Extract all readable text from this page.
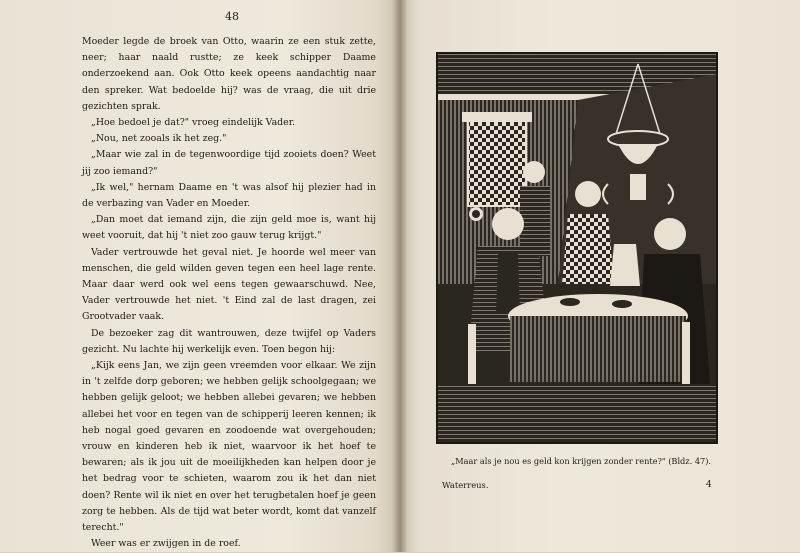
48

Moeder legde de broek van Otto, waarin ze een stuk zette, neer; haar naald rustte; ze keek schipper Daame onderzoekend aan. Ook Otto keek opeens aandachtig naar den spreker. Wat bedoelde hij? was de vraag, die uit drie gezichten sprak.

„Hoe bedoel je dat?" vroeg eindelijk Vader.

„Nou, net zooals ik het zeg."

„Maar wie zal in de tegenwoordige tijd zooiets doen? Weet jij zoo iemand?"

„Ik wel," hernam Daame en 't was alsof hij plezier had in de verbazing van Vader en Moeder.

„Dan moet dat iemand zijn, die zijn geld moe is, want hij weet vooruit, dat hij 't niet zoo gauw terug krijgt."

Vader vertrouwde het geval niet. Je hoorde wel meer van menschen, die geld wilden geven tegen een heel lage rente. Maar daar werd ook wel eens tegen gewaarschuwd. Nee, Vader vertrouwde het niet. 't Eind zal de last dragen, zei Grootvader vaak.

De bezoeker zag dit wantrouwen, deze twijfel op Vaders gezicht. Nu lachte hij werkelijk even. Toen begon hij:

„Kijk eens Jan, we zijn geen vreemden voor elkaar. We zijn in 't zelfde dorp geboren; we hebben gelijk schoolgegaan; we hebben gelijk geloot; we hebben allebei gevaren; we hebben allebei het voor en tegen van de schipperij leeren kennen; ik heb nogal goed gevaren en zoodoende wat overgehouden; vrouw en kinderen heb ik niet, waarvoor ik het hoef te bewaren; als ik jou uit de moeilijkheden kan helpen door je het bedrag voor te schieten, waarom zou ik het dan niet doen? Rente wil ik niet en over het terugbetalen hoef je geen zorg te hebben. Als de tijd wat beter wordt, komt dat vanzelf terecht."

Weer was er zwijgen in de roef.

„Maar als je nou es geld kon krijgen zonder rente?" (Bldz. 47).
Waterreus.	4
